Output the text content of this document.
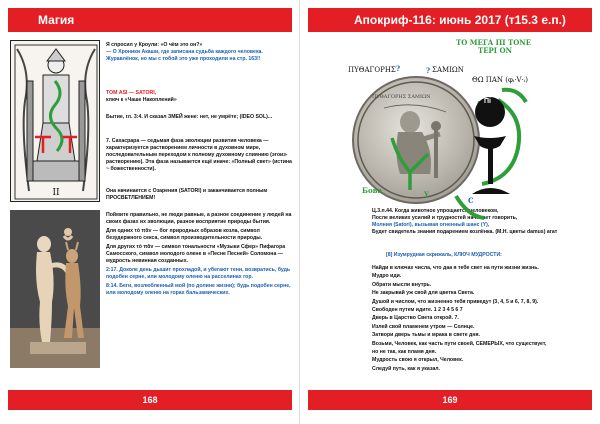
Магия
II

Я спросил у Кроули: «О чём это он?»
— О Хроники Акаши, где записана судьба каждого человека.
Журавлёнок, но мы с тобой это уже проходили на стр. 163!!

ТОМ АSI — SATORI,
ключ к «Чаше Накоплений»

Бытие, гл. 3:4. И сказал ЗМЕЙ жене: нет, не умрёте; (IDEO SOL)...

7. Сахасрара — седьмая фаза эволюции развития человека — характеризуется растворением личности в духовном мире, последовательным переходом к полному духовному слиянию (эгоиз-растворению). Эта фаза называется ещё иначе: «Полный свет» (истина ~ божественности).

Она начинается с Озарения (SATORI) и заканчивается полным ПРОСВЕТЛЕНИЕМ!

Поймите правильно, не люди равные, а разное соединение у людей на своих фазах их эволюции, разное восприятие природы бытия.

Для одних τὸ πᾶν — бог природных образов козла, символ безудержного секса, символ производительности природы.

Для других τὸ πᾶν — символ тональности «Музыки Сфер» Пифагора Самосского, символ молодого олене в «Песне Песней» Соломона — мудрость невинная созданных.

2:17. Доколе день дышит прохладой, и убегают тени, возвратись, будь подобен серне, или молодому оленю на расселинах гор.

8:14. Беги, возлюбленный мой (по долине жизни); будь подобен серне, или молодому оленю на горах бальзамических.

168
Апокриф-116: июнь 2017 (т15.3 е.п.)
ΤΟ ΜΕΓΑ ΠΙ ΤΟΝΕ
ΤΕΡΙ ΟΝ
ΠΥΘΑΓΟΡΗΣ ?	? ΣΑΜΙΩΝ
ΘΩ ΠΑΝ (φᵢ·Ⅴ·ᵢ)

Ц.3.п.44. Когда животное упрощается человеком,
После великих усилий и трудностей начинает говорить,
Молния (Satori), вызывая огненный шанс (Y),
Будет свидетель знания подарением козлёнка. (М.Н. цветы damus) агат

[8] Изумрудная скрижаль, КЛЮЧ МУДРОСТИ:

Найди в ключах числа, что даа я тебе свет на пути жизни жизнь.
Мудро иди.
Обрати мысли внутрь.
Не закрывай уж свой для цветка Света.
Душой и числом, что жизненно тебя приведут (3, 4, 5 и 6, 7, 8, 9).
Свободен путем идите. 1 2 3 4 5 6 7
Дверь в Царство Света открой. 7.
Излей свой пламенем утром — Солнце.
Затвори дверь тьмы и мрака в свете дня.
Возьми, Человек, как часть пути своей, СЕМЕРЫХ, что существует,
но не так, как пламя дня.
Мудрость свою я открыл, Человек.
Следуй путь, как я указал.
169
ΠΥΘΑΓΟΡΗΣ ΣΑΜΙΩΝ
Бова	Y
C
Пi
